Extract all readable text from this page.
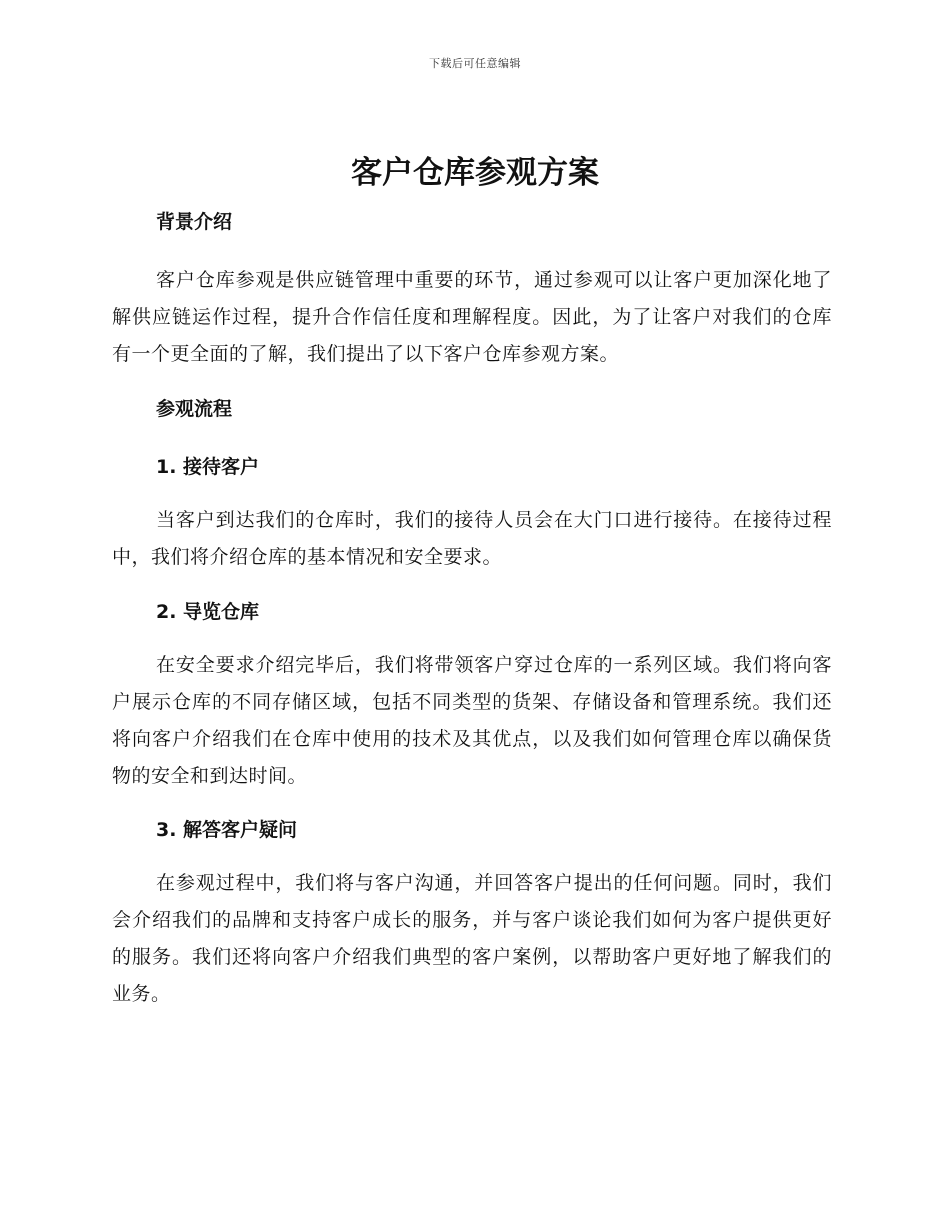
下载后可任意编辑
客户仓库参观方案
背景介绍

客户仓库参观是供应链管理中重要的环节，通过参观可以让客户更加深化地了解供应链运作过程，提升合作信任度和理解程度。因此，为了让客户对我们的仓库有一个更全面的了解，我们提出了以下客户仓库参观方案。

参观流程
1. 接待客户

当客户到达我们的仓库时，我们的接待人员会在大门口进行接待。在接待过程中，我们将介绍仓库的基本情况和安全要求。

2. 导览仓库

在安全要求介绍完毕后，我们将带领客户穿过仓库的一系列区域。我们将向客户展示仓库的不同存储区域，包括不同类型的货架、存储设备和管理系统。我们还将向客户介绍我们在仓库中使用的技术及其优点，以及我们如何管理仓库以确保货物的安全和到达时间。

3. 解答客户疑问

在参观过程中，我们将与客户沟通，并回答客户提出的任何问题。同时，我们会介绍我们的品牌和支持客户成长的服务，并与客户谈论我们如何为客户提供更好的服务。我们还将向客户介绍我们典型的客户案例，以帮助客户更好地了解我们的业务。
